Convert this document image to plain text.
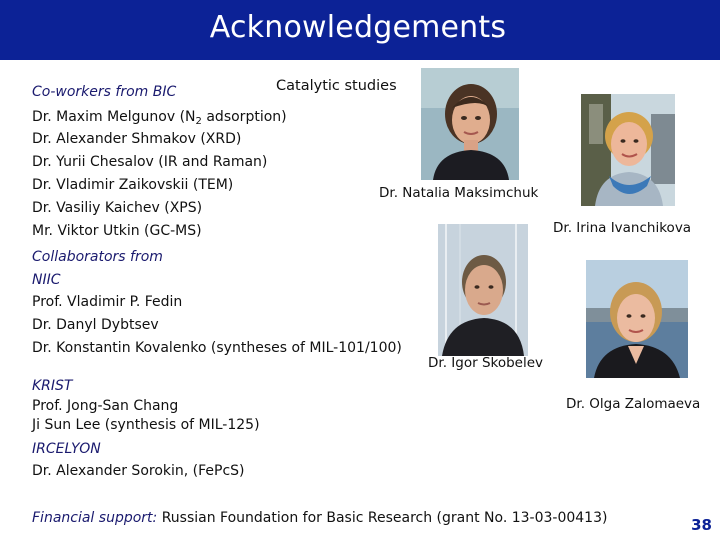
Acknowledgements
Co-workers from BIC	Catalytic studies
Dr. Maxim Melgunov ($N_2$ adsorption)
Dr. Alexander Shmakov (XRD)
Dr. Yurii Chesalov (IR and Raman)
Dr. Vladimir Zaikovskii (TEM)
Dr. Vasiliy Kaichev (XPS)
Mr. Viktor Utkin (GC-MS)
Collaborators from
NIIC
Prof. Vladimir P. Fedin
Dr. Danyl Dybtsev
Dr. Konstantin Kovalenko (syntheses of MIL-101/100)
KRIST
Prof. Jong-San Chang
Ji Sun Lee (synthesis of MIL-125)
IRCELYON
Dr. Alexander Sorokin, (FePcS)
Financial support: Russian Foundation for Basic Research (grant No. 13-03-00413)	38
Dr. Natalia Maksimchuk
Dr. Irina Ivanchikova
Dr. Igor Skobelev
Dr. Olga Zalomaeva
